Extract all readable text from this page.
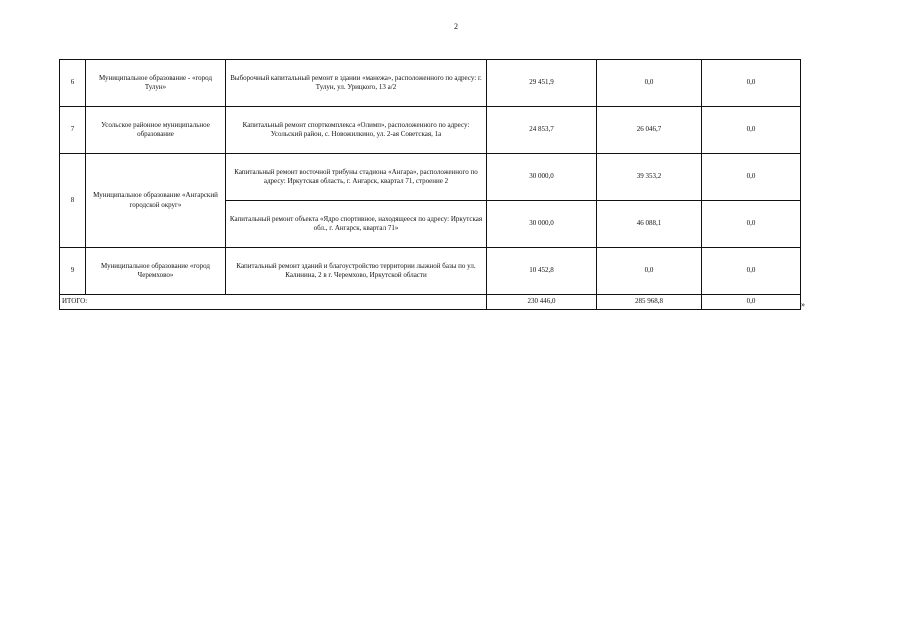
2
6	Муниципальное образование - «город Тулун»	Выборочный капитальный ремонт в здании «манежа», расположенного по адресу: г. Тулун, ул. Урицкого, 13 а/2	29 451,9	0,0	0,0
7	Усольское районное муниципальное образование	Капитальный ремонт спорткомплекса «Олимп», расположенного по адресу: Усольский район, с. Новожилкино, ул. 2-ая Советская, 1а	24 853,7	26 046,7	0,0
8	Муниципальное образование «Ангарский городской округ»	Капитальный ремонт восточной трибуны стадиона «Ангара», расположенного по адресу: Иркутская область, г. Ангарск, квартал 71, строение 2	30 000,0	39 353,2	0,0
		Капитальный ремонт объекта «Ядро спортивное, находящееся по адресу: Иркутская обл., г. Ангарск, квартал 71»	30 000,0	46 088,1	0,0
9	Муниципальное образование «город Черемхово»	Капитальный ремонт зданий и благоустройство территории лыжной базы по ул. Калинина, 2 в г. Черемхово, Иркутской области	10 452,8	0,0	0,0
ИТОГО:			230 446,0	285 968,8	0,0	»
